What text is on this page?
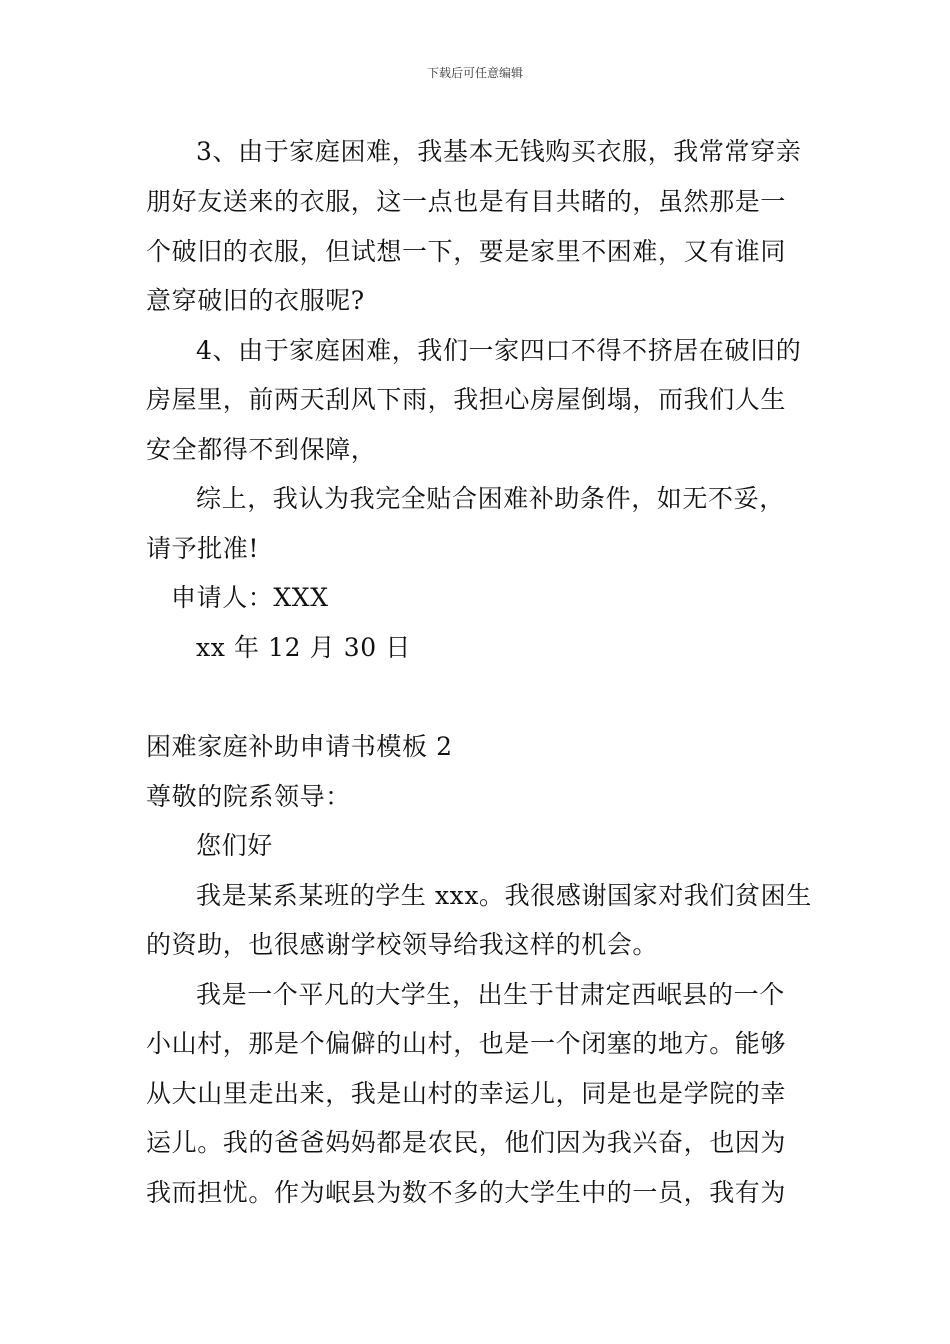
下载后可任意编辑
3、由于家庭困难，我基本无钱购买衣服，我常常穿亲
朋好友送来的衣服，这一点也是有目共睹的，虽然那是一
个破旧的衣服，但试想一下，要是家里不困难，又有谁同
意穿破旧的衣服呢?
4、由于家庭困难，我们一家四口不得不挤居在破旧的
房屋里，前两天刮风下雨，我担心房屋倒塌，而我们人生
安全都得不到保障，
综上，我认为我完全贴合困难补助条件，如无不妥，
请予批准!
申请人：XXX
xx 年 12 月 30 日
困难家庭补助申请书模板 2
尊敬的院系领导：
您们好
我是某系某班的学生 xxx。我很感谢国家对我们贫困生
的资助，也很感谢学校领导给我这样的机会。
我是一个平凡的大学生，出生于甘肃定西岷县的一个
小山村，那是个偏僻的山村，也是一个闭塞的地方。能够
从大山里走出来，我是山村的幸运儿，同是也是学院的幸
运儿。我的爸爸妈妈都是农民，他们因为我兴奋，也因为
我而担忧。作为岷县为数不多的大学生中的一员，我有为
